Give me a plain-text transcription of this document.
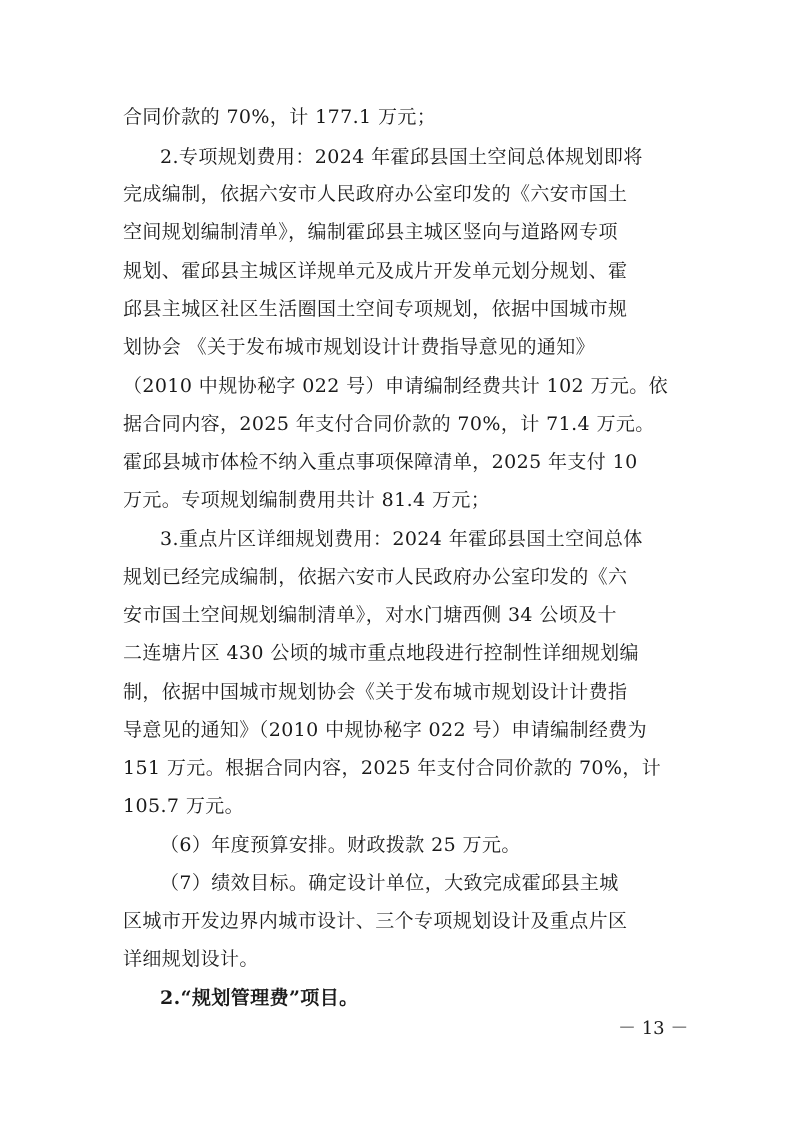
合同价款的 70%，计 177.1 万元；
2.专项规划费用：2024 年霍邱县国土空间总体规划即将
完成编制，依据六安市人民政府办公室印发的《六安市国土
空间规划编制清单》，编制霍邱县主城区竖向与道路网专项
规划、霍邱县主城区详规单元及成片开发单元划分规划、霍
邱县主城区社区生活圈国土空间专项规划，依据中国城市规
划协会 《关于发布城市规划设计计费指导意见的通知》
（2010 中规协秘字 022 号）申请编制经费共计 102 万元。依
据合同内容，2025 年支付合同价款的 70%，计 71.4 万元。
霍邱县城市体检不纳入重点事项保障清单，2025 年支付 10
万元。专项规划编制费用共计 81.4 万元；
3.重点片区详细规划费用：2024 年霍邱县国土空间总体
规划已经完成编制，依据六安市人民政府办公室印发的《六
安市国土空间规划编制清单》，对水门塘西侧 34 公顷及十
二连塘片区 430 公顷的城市重点地段进行控制性详细规划编
制，依据中国城市规划协会《关于发布城市规划设计计费指
导意见的通知》（2010 中规协秘字 022 号）申请编制经费为
151 万元。根据合同内容，2025 年支付合同价款的 70%，计
105.7 万元。
（6）年度预算安排。财政拨款 25 万元。
（7）绩效目标。确定设计单位，大致完成霍邱县主城
区城市开发边界内城市设计、三个专项规划设计及重点片区
详细规划设计。
2.“规划管理费”项目。
－ 13 －
